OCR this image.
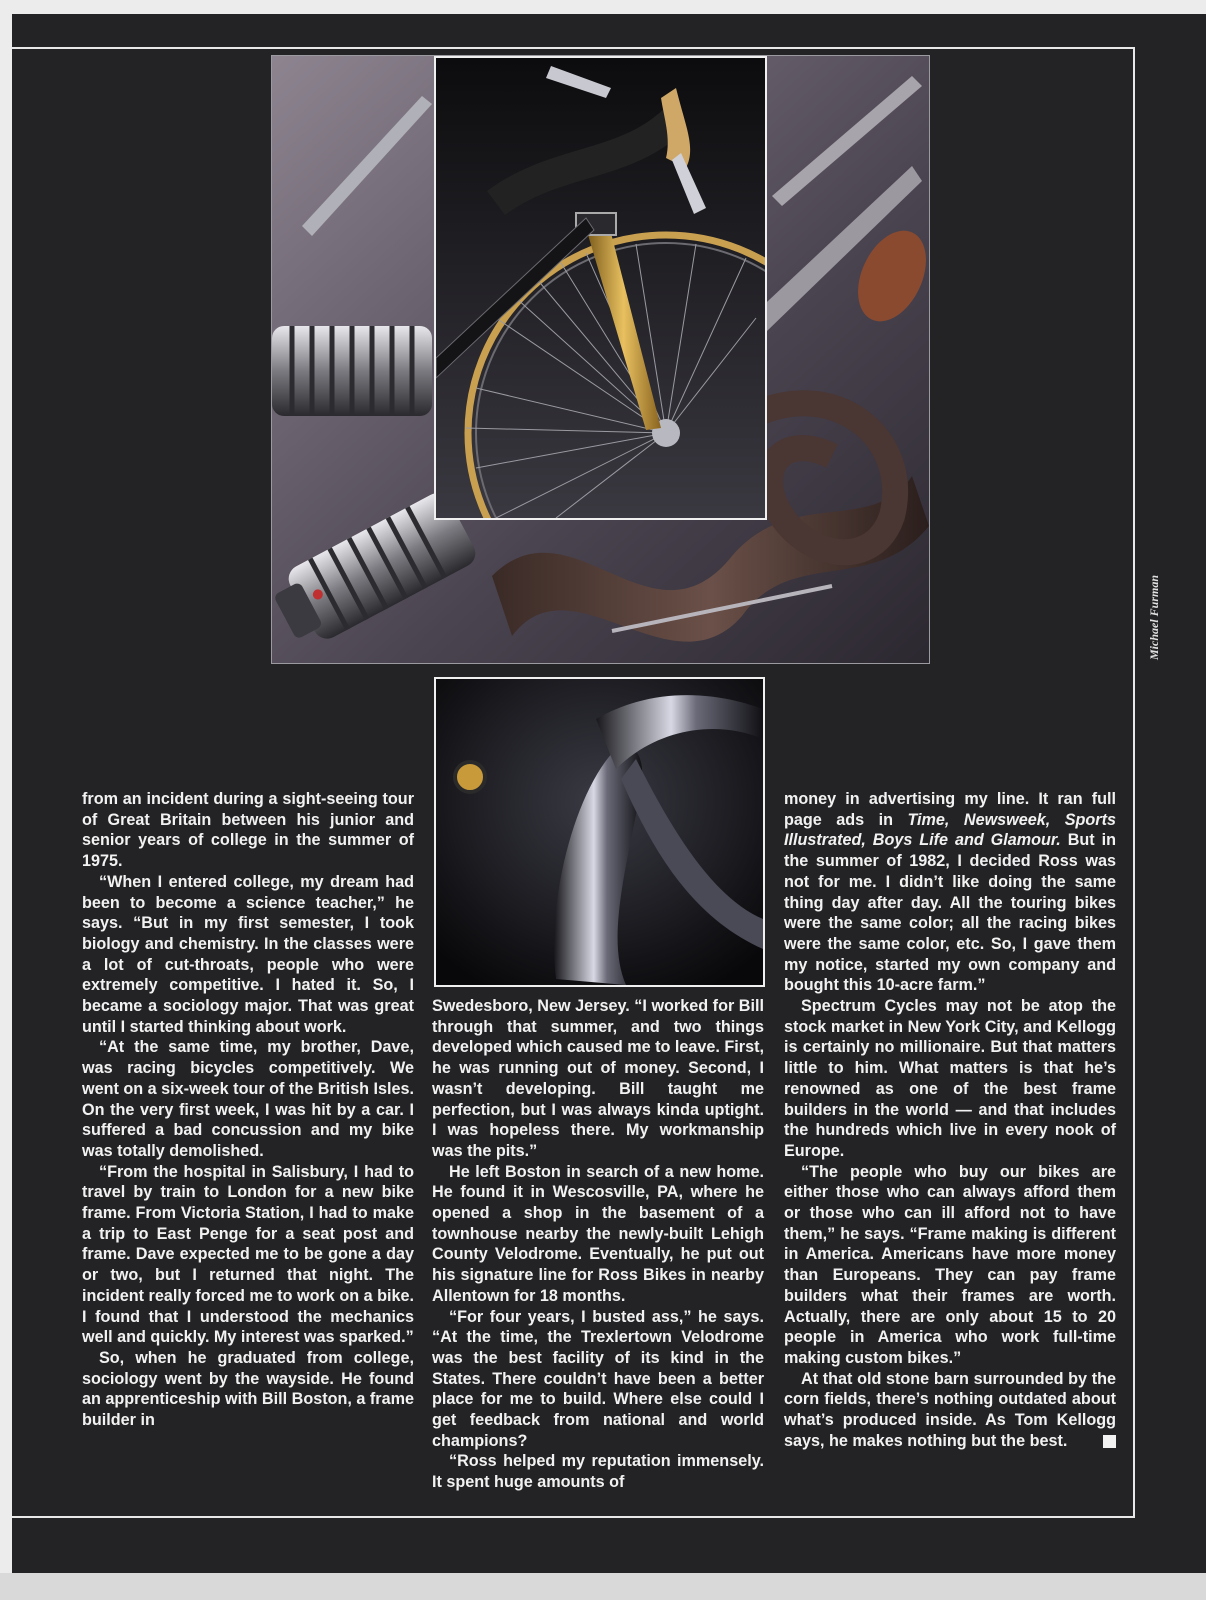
Michael Furman

from an incident during a sight-seeing tour of Great Britain between his junior and senior years of college in the summer of 1975.

“When I entered college, my dream had been to become a science teacher,” he says. “But in my first semester, I took biology and chemistry. In the classes were a lot of cut-throats, people who were extremely competitive. I hated it. So, I became a sociology major. That was great until I started thinking about work.

“At the same time, my brother, Dave, was racing bicycles competitively. We went on a six-week tour of the British Isles. On the very first week, I was hit by a car. I suffered a bad concussion and my bike was totally demolished.

“From the hospital in Salisbury, I had to travel by train to London for a new bike frame. From Victoria Station, I had to make a trip to East Penge for a seat post and frame. Dave expected me to be gone a day or two, but I returned that night. The incident really forced me to work on a bike. I found that I understood the mechanics well and quickly. My interest was sparked.”

So, when he graduated from college, sociology went by the wayside. He found an apprenticeship with Bill Boston, a frame builder in

Swedesboro, New Jersey. “I worked for Bill through that summer, and two things developed which caused me to leave. First, he was running out of money. Second, I wasn’t developing. Bill taught me perfection, but I was always kinda uptight. I was hopeless there. My workmanship was the pits.”

He left Boston in search of a new home. He found it in Wescosville, PA, where he opened a shop in the basement of a townhouse nearby the newly-built Lehigh County Velodrome. Eventually, he put out his signature line for Ross Bikes in nearby Allentown for 18 months.

“For four years, I busted ass,” he says. “At the time, the Trexlertown Velodrome was the best facility of its kind in the States. There couldn’t have been a better place for me to build. Where else could I get feedback from national and world champions?

“Ross helped my reputation immensely. It spent huge amounts of

money in advertising my line. It ran full page ads in Time, Newsweek, Sports Illustrated, Boys Life and Glamour. But in the summer of 1982, I decided Ross was not for me. I didn’t like doing the same thing day after day. All the touring bikes were the same color; all the racing bikes were the same color, etc. So, I gave them my notice, started my own company and bought this 10-acre farm.”

Spectrum Cycles may not be atop the stock market in New York City, and Kellogg is certainly no millionaire. But that matters little to him. What matters is that he’s renowned as one of the best frame builders in the world — and that includes the hundreds which live in every nook of Europe.

“The people who buy our bikes are either those who can always afford them or those who can ill afford not to have them,” he says. “Frame making is different in America. Americans have more money than Europeans. They can pay frame builders what their frames are worth. Actually, there are only about 15 to 20 people in America who work full-time making custom bikes.”

At that old stone barn surrounded by the corn fields, there’s nothing outdated about what’s produced inside. As Tom Kellogg says, he makes nothing but the best.
